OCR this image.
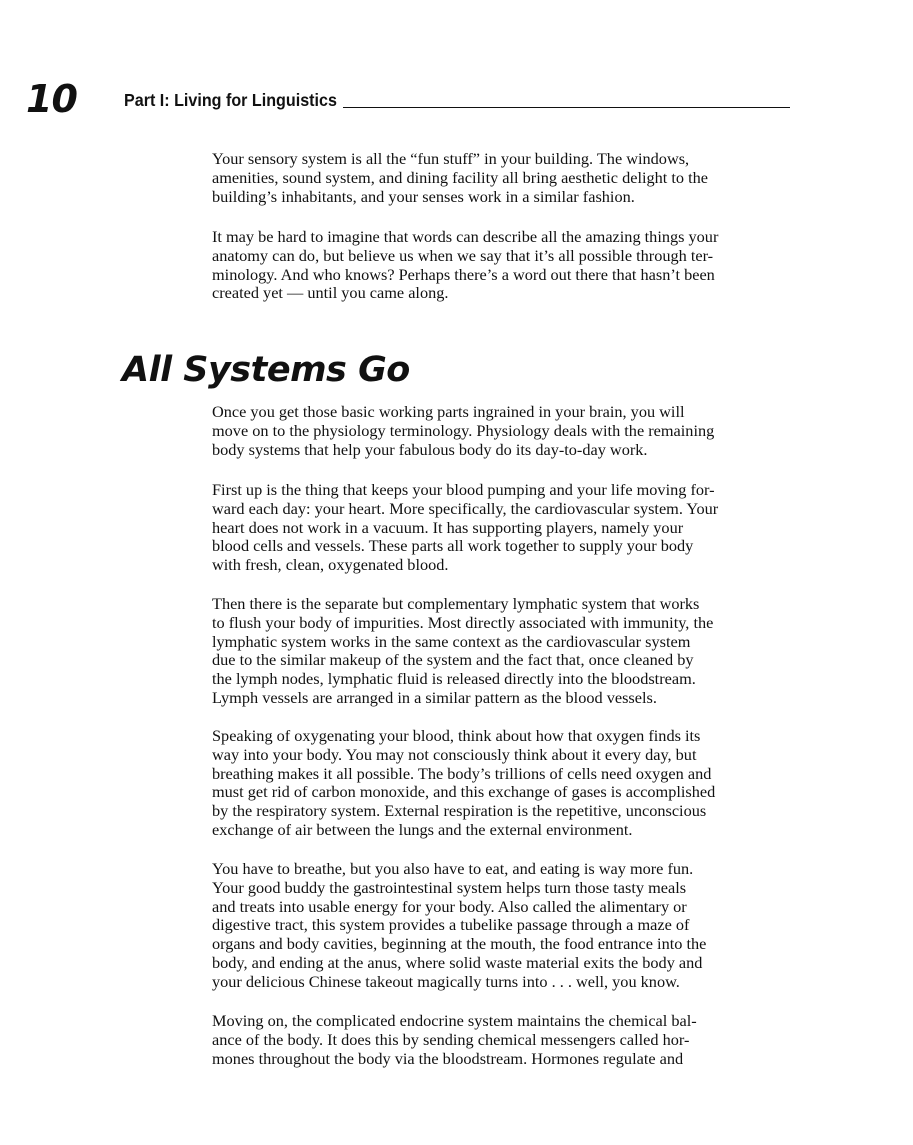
10	Part I: Living for Linguistics

Your sensory system is all the “fun stuff” in your building. The windows,
amenities, sound system, and dining facility all bring aesthetic delight to the
building’s inhabitants, and your senses work in a similar fashion.

It may be hard to imagine that words can describe all the amazing things your
anatomy can do, but believe us when we say that it’s all possible through ter-
minology. And who knows? Perhaps there’s a word out there that hasn’t been
created yet — until you came along.

All Systems Go

Once you get those basic working parts ingrained in your brain, you will
move on to the physiology terminology. Physiology deals with the remaining
body systems that help your fabulous body do its day-to-day work.

First up is the thing that keeps your blood pumping and your life moving for-
ward each day: your heart. More specifically, the cardiovascular system. Your
heart does not work in a vacuum. It has supporting players, namely your
blood cells and vessels. These parts all work together to supply your body
with fresh, clean, oxygenated blood.

Then there is the separate but complementary lymphatic system that works
to flush your body of impurities. Most directly associated with immunity, the
lymphatic system works in the same context as the cardiovascular system
due to the similar makeup of the system and the fact that, once cleaned by
the lymph nodes, lymphatic fluid is released directly into the bloodstream.
Lymph vessels are arranged in a similar pattern as the blood vessels.

Speaking of oxygenating your blood, think about how that oxygen finds its
way into your body. You may not consciously think about it every day, but
breathing makes it all possible. The body’s trillions of cells need oxygen and
must get rid of carbon monoxide, and this exchange of gases is accomplished
by the respiratory system. External respiration is the repetitive, unconscious
exchange of air between the lungs and the external environment.

You have to breathe, but you also have to eat, and eating is way more fun.
Your good buddy the gastrointestinal system helps turn those tasty meals
and treats into usable energy for your body. Also called the alimentary or
digestive tract, this system provides a tubelike passage through a maze of
organs and body cavities, beginning at the mouth, the food entrance into the
body, and ending at the anus, where solid waste material exits the body and
your delicious Chinese takeout magically turns into . . . well, you know.

Moving on, the complicated endocrine system maintains the chemical bal-
ance of the body. It does this by sending chemical messengers called hor-
mones throughout the body via the bloodstream. Hormones regulate and
